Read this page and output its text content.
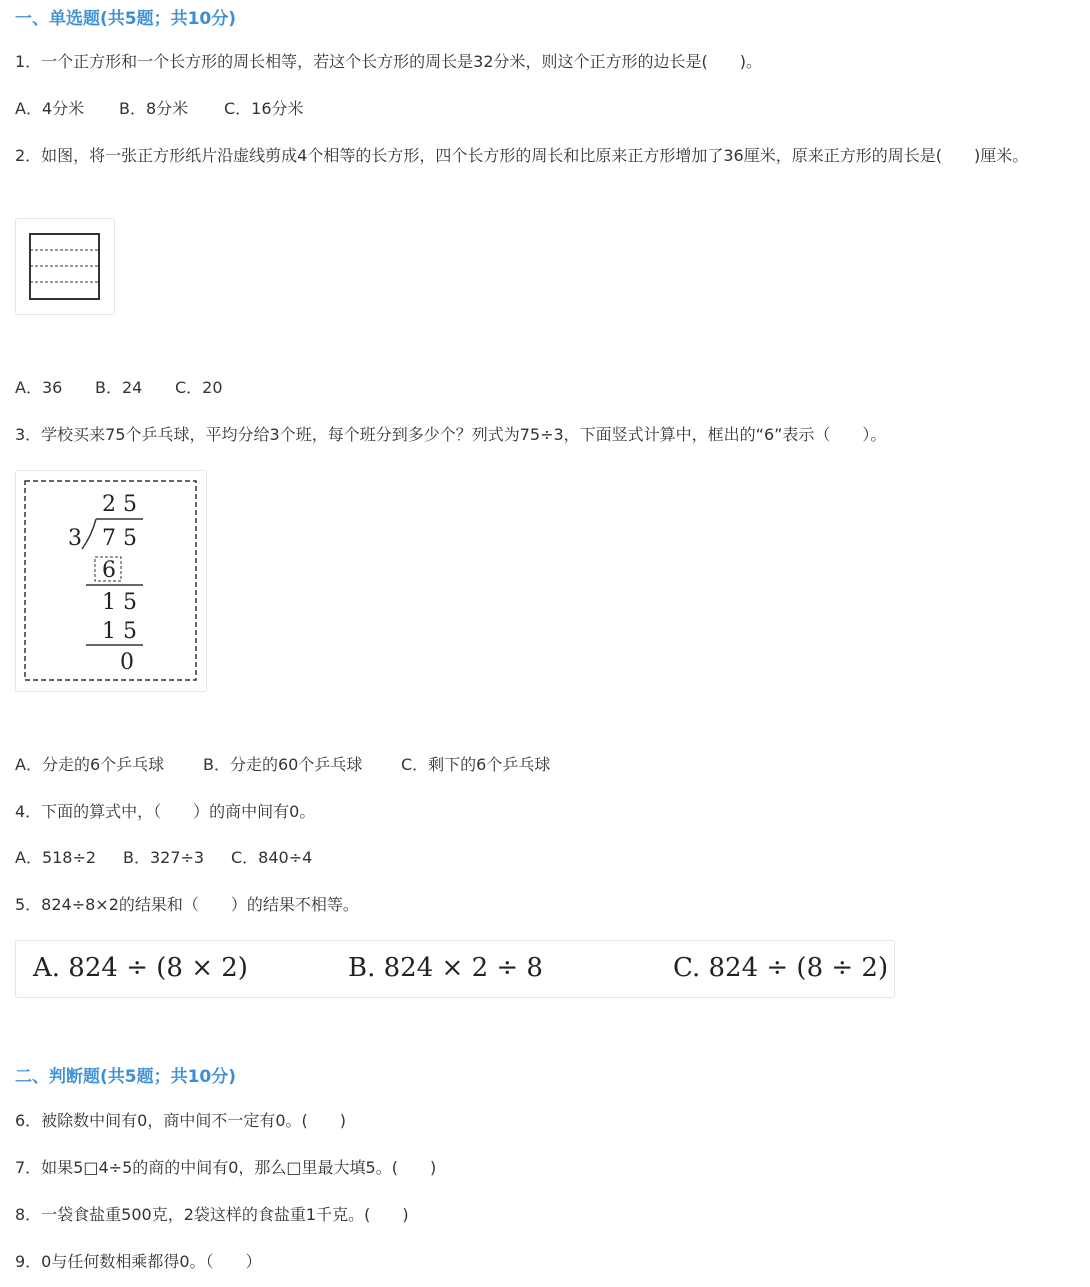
一、单选题(共5题；共10分)
1．一个正方形和一个长方形的周长相等，若这个长方形的周长是32分米，则这个正方形的边长是(　　)。
A．4分米 B．8分米 C．16分米
2．如图，将一张正方形纸片沿虚线剪成4个相等的长方形，四个长方形的周长和比原来正方形增加了36厘米，原来正方形的周长是(　　)厘米。
A．36 B．24 C．20
3．学校买来75个乒乓球，平均分给3个班，每个班分到多少个？列式为75÷3，下面竖式计算中，框出的“6”表示（　　）。
2 5
3 7 5
6
1 5
1 5
0
A．分走的6个乒乓球 B．分走的60个乒乓球 C．剩下的6个乒乓球
4．下面的算式中，（　　）的商中间有0。
A．518÷2 B．327÷3 C．840÷4
5．824÷8×2的结果和（　　）的结果不相等。
A. 824 ÷ (8 × 2)	B. 824 × 2 ÷ 8	C. 824 ÷ (8 ÷ 2)
二、判断题(共5题；共10分)
6．被除数中间有0，商中间不一定有0。(　　)
7．如果5□4÷5的商的中间有0，那么□里最大填5。(　　)
8．一袋食盐重500克，2袋这样的食盐重1千克。(　　)
9．0与任何数相乘都得0。（　　）
